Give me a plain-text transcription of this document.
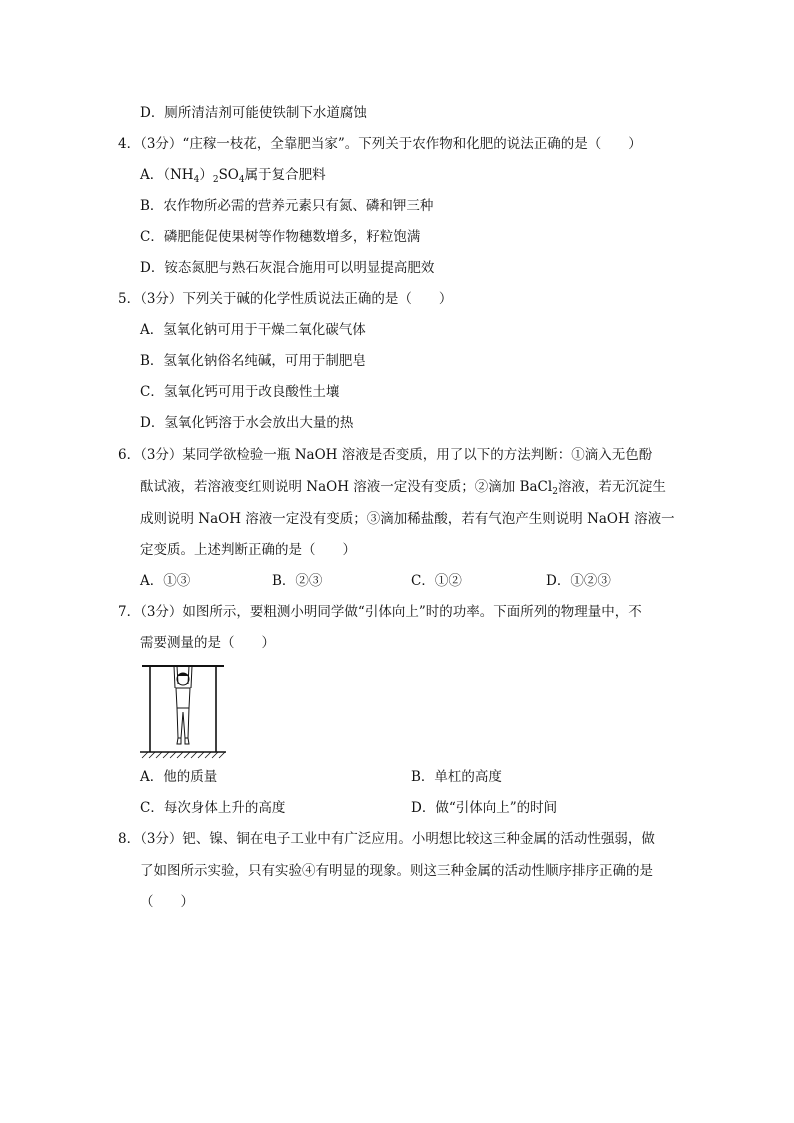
D．厕所清洁剂可能使铁制下水道腐蚀
4．（3分）“庄稼一枝花，全靠肥当家”。下列关于农作物和化肥的说法正确的是（　　）
A．$(NH_4)_2SO_4$属于复合肥料
B．农作物所必需的营养元素只有氮、磷和钾三种
C．磷肥能促使果树等作物穗数增多，籽粒饱满
D．铵态氮肥与熟石灰混合施用可以明显提高肥效
5．（3分）下列关于碱的化学性质说法正确的是（　　）
A．氢氧化钠可用于干燥二氧化碳气体
B．氢氧化钠俗名纯碱，可用于制肥皂
C．氢氧化钙可用于改良酸性土壤
D．氢氧化钙溶于水会放出大量的热
6．（3分）某同学欲检验一瓶 NaOH 溶液是否变质，用了以下的方法判断：①滴入无色酚
酞试液，若溶液变红则说明 NaOH 溶液一定没有变质；②滴加 BaCl$_2$溶液，若无沉淀生
成则说明 NaOH 溶液一定没有变质；③滴加稀盐酸，若有气泡产生则说明 NaOH 溶液一
定变质。上述判断正确的是（　　）
A．①③	B．②③	C．①②	D．①②③
7．（3分）如图所示，要粗测小明同学做“引体向上”时的功率。下面所列的物理量中，不
需要测量的是（　　）
A．他的质量	B．单杠的高度
C．每次身体上升的高度	D．做“引体向上”的时间
8．（3分）钯、镍、铜在电子工业中有广泛应用。小明想比较这三种金属的活动性强弱，做
了如图所示实验，只有实验④有明显的现象。则这三种金属的活动性顺序排序正确的是
（　　）
